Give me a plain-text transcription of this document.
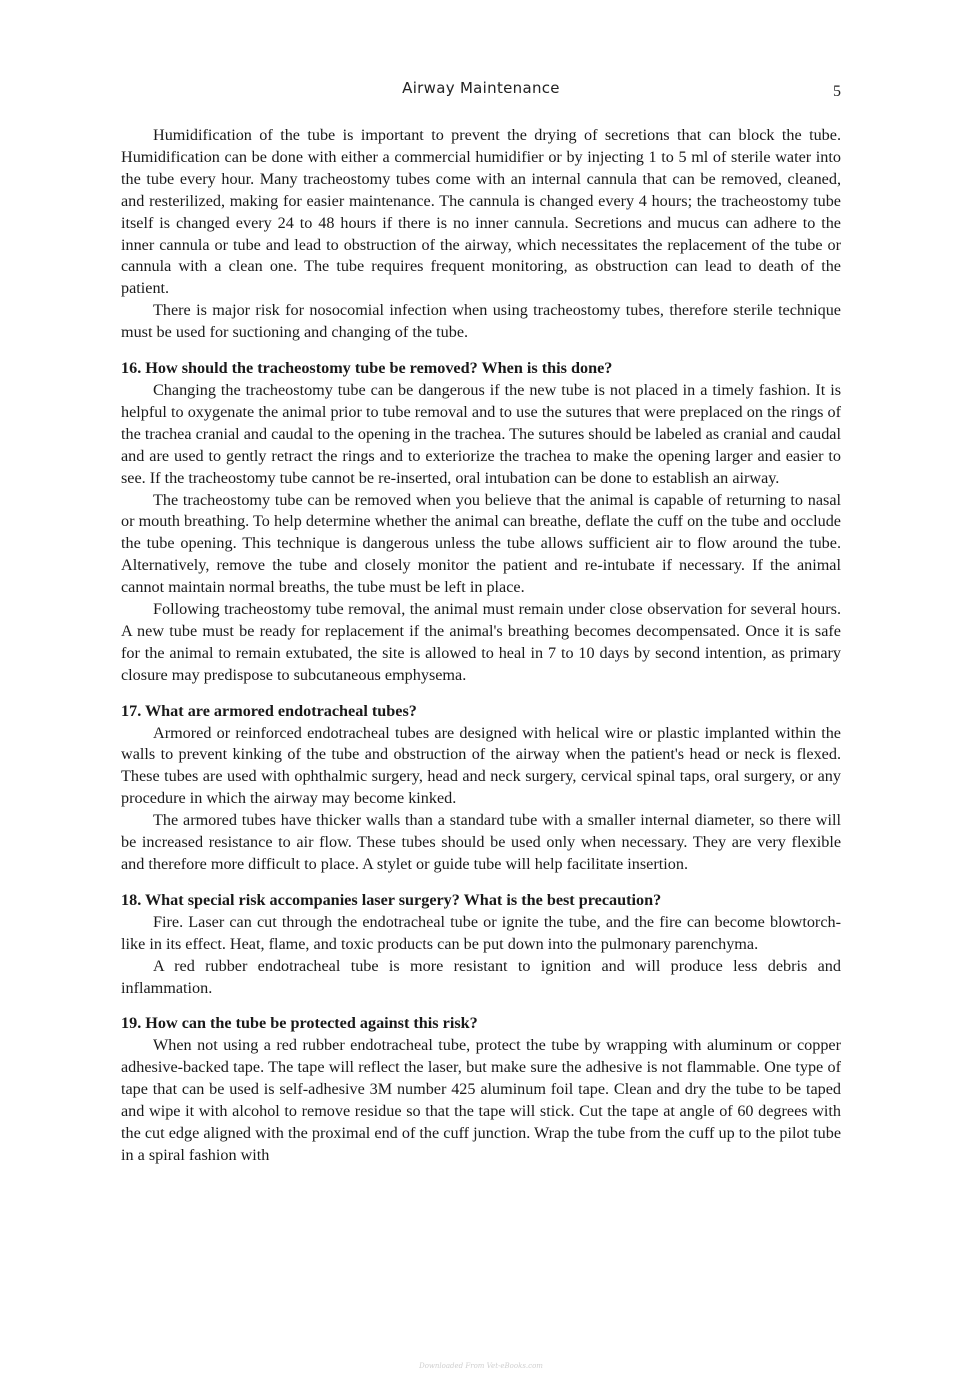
Airway Maintenance	5

Humidification of the tube is important to prevent the drying of secretions that can block the tube. Humidification can be done with either a commercial humidifier or by injecting 1 to 5 ml of sterile water into the tube every hour. Many tracheostomy tubes come with an internal cannula that can be removed, cleaned, and resterilized, making for easier maintenance. The cannula is changed every 4 hours; the tracheostomy tube itself is changed every 24 to 48 hours if there is no inner cannula. Secretions and mucus can adhere to the inner cannula or tube and lead to obstruction of the airway, which necessitates the replacement of the tube or cannula with a clean one. The tube requires frequent monitoring, as obstruction can lead to death of the patient.

There is major risk for nosocomial infection when using tracheostomy tubes, therefore sterile technique must be used for suctioning and changing of the tube.

16. How should the tracheostomy tube be removed? When is this done?

Changing the tracheostomy tube can be dangerous if the new tube is not placed in a timely fashion. It is helpful to oxygenate the animal prior to tube removal and to use the sutures that were preplaced on the rings of the trachea cranial and caudal to the opening in the trachea. The sutures should be labeled as cranial and caudal and are used to gently retract the rings and to exteriorize the trachea to make the opening larger and easier to see. If the tracheostomy tube cannot be re-inserted, oral intubation can be done to establish an airway.

The tracheostomy tube can be removed when you believe that the animal is capable of returning to nasal or mouth breathing. To help determine whether the animal can breathe, deflate the cuff on the tube and occlude the tube opening. This technique is dangerous unless the tube allows sufficient air to flow around the tube. Alternatively, remove the tube and closely monitor the patient and re-intubate if necessary. If the animal cannot maintain normal breaths, the tube must be left in place.

Following tracheostomy tube removal, the animal must remain under close observation for several hours. A new tube must be ready for replacement if the animal's breathing becomes decompensated. Once it is safe for the animal to remain extubated, the site is allowed to heal in 7 to 10 days by second intention, as primary closure may predispose to subcutaneous emphysema.

17. What are armored endotracheal tubes?

Armored or reinforced endotracheal tubes are designed with helical wire or plastic implanted within the walls to prevent kinking of the tube and obstruction of the airway when the patient's head or neck is flexed. These tubes are used with ophthalmic surgery, head and neck surgery, cervical spinal taps, oral surgery, or any procedure in which the airway may become kinked.

The armored tubes have thicker walls than a standard tube with a smaller internal diameter, so there will be increased resistance to air flow. These tubes should be used only when necessary. They are very flexible and therefore more difficult to place. A stylet or guide tube will help facilitate insertion.

18. What special risk accompanies laser surgery? What is the best precaution?

Fire. Laser can cut through the endotracheal tube or ignite the tube, and the fire can become blowtorch-like in its effect. Heat, flame, and toxic products can be put down into the pulmonary parenchyma.

A red rubber endotracheal tube is more resistant to ignition and will produce less debris and inflammation.

19. How can the tube be protected against this risk?

When not using a red rubber endotracheal tube, protect the tube by wrapping with aluminum or copper adhesive-backed tape. The tape will reflect the laser, but make sure the adhesive is not flammable. One type of tape that can be used is self-adhesive 3M number 425 aluminum foil tape. Clean and dry the tube to be taped and wipe it with alcohol to remove residue so that the tape will stick. Cut the tape at angle of 60 degrees with the cut edge aligned with the proximal end of the cuff junction. Wrap the tube from the cuff up to the pilot tube in a spiral fashion with

Downloaded From Vet-eBooks.com
